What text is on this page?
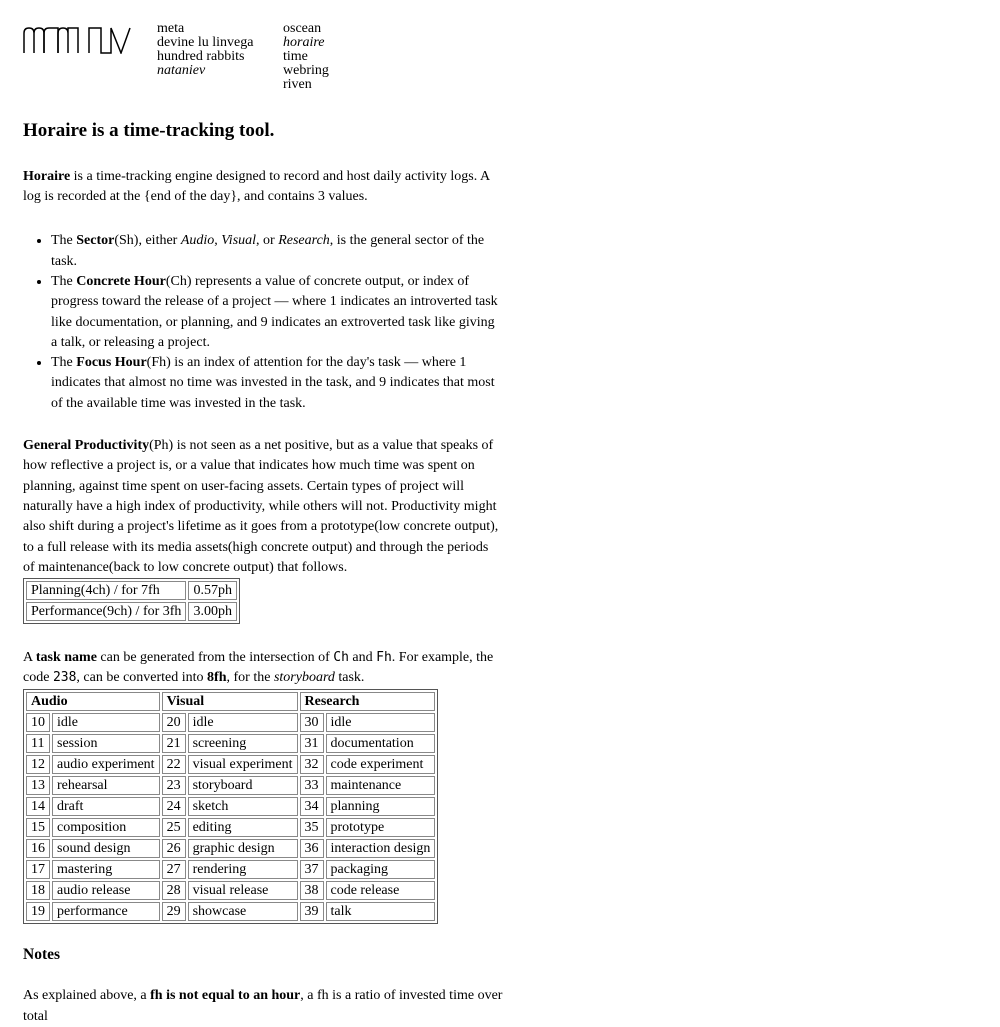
meta
devine lu linvega
hundred rabbits
nataniev
oscean
horaire
time
webring
riven
Horaire is a time-tracking tool.

Horaire is a time-tracking engine designed to record and host daily activity logs. A log is recorded at the {end of the day}, and contains 3 values.

• The Sector(Sh), either Audio, Visual, or Research, is the general sector of the task.
• The Concrete Hour(Ch) represents a value of concrete output, or index of progress toward the release of a project — where 1 indicates an introverted task like documentation, or planning, and 9 indicates an extroverted task like giving a talk, or releasing a project.
• The Focus Hour(Fh) is an index of attention for the day's task — where 1 indicates that almost no time was invested in the task, and 9 indicates that most of the available time was invested in the task.

General Productivity(Ph) is not seen as a net positive, but as a value that speaks of how reflective a project is, or a value that indicates how much time was spent on planning, against time spent on user-facing assets. Certain types of project will naturally have a high index of productivity, while others will not. Productivity might also shift during a project's lifetime as it goes from a prototype(low concrete output), to a full release with its media assets(high concrete output) and through the periods of maintenance(back to low concrete output) that follows.

Planning(4ch) / for 7fh	0.57ph
Performance(9ch) / for 3fh	3.00ph

A task name can be generated from the intersection of Ch and Fh. For example, the code 238, can be converted into 8fh, for the storyboard task.

Audio		Visual		Research	
10	idle	20	idle	30	idle
11	session	21	screening	31	documentation
12	audio experiment	22	visual experiment	32	code experiment
13	rehearsal	23	storyboard	33	maintenance
14	draft	24	sketch	34	planning
15	composition	25	editing	35	prototype
16	sound design	26	graphic design	36	interaction design
17	mastering	27	rendering	37	packaging
18	audio release	28	visual release	38	code release
19	performance	29	showcase	39	talk
Notes

As explained above, a fh is not equal to an hour, a fh is a ratio of invested time over total
